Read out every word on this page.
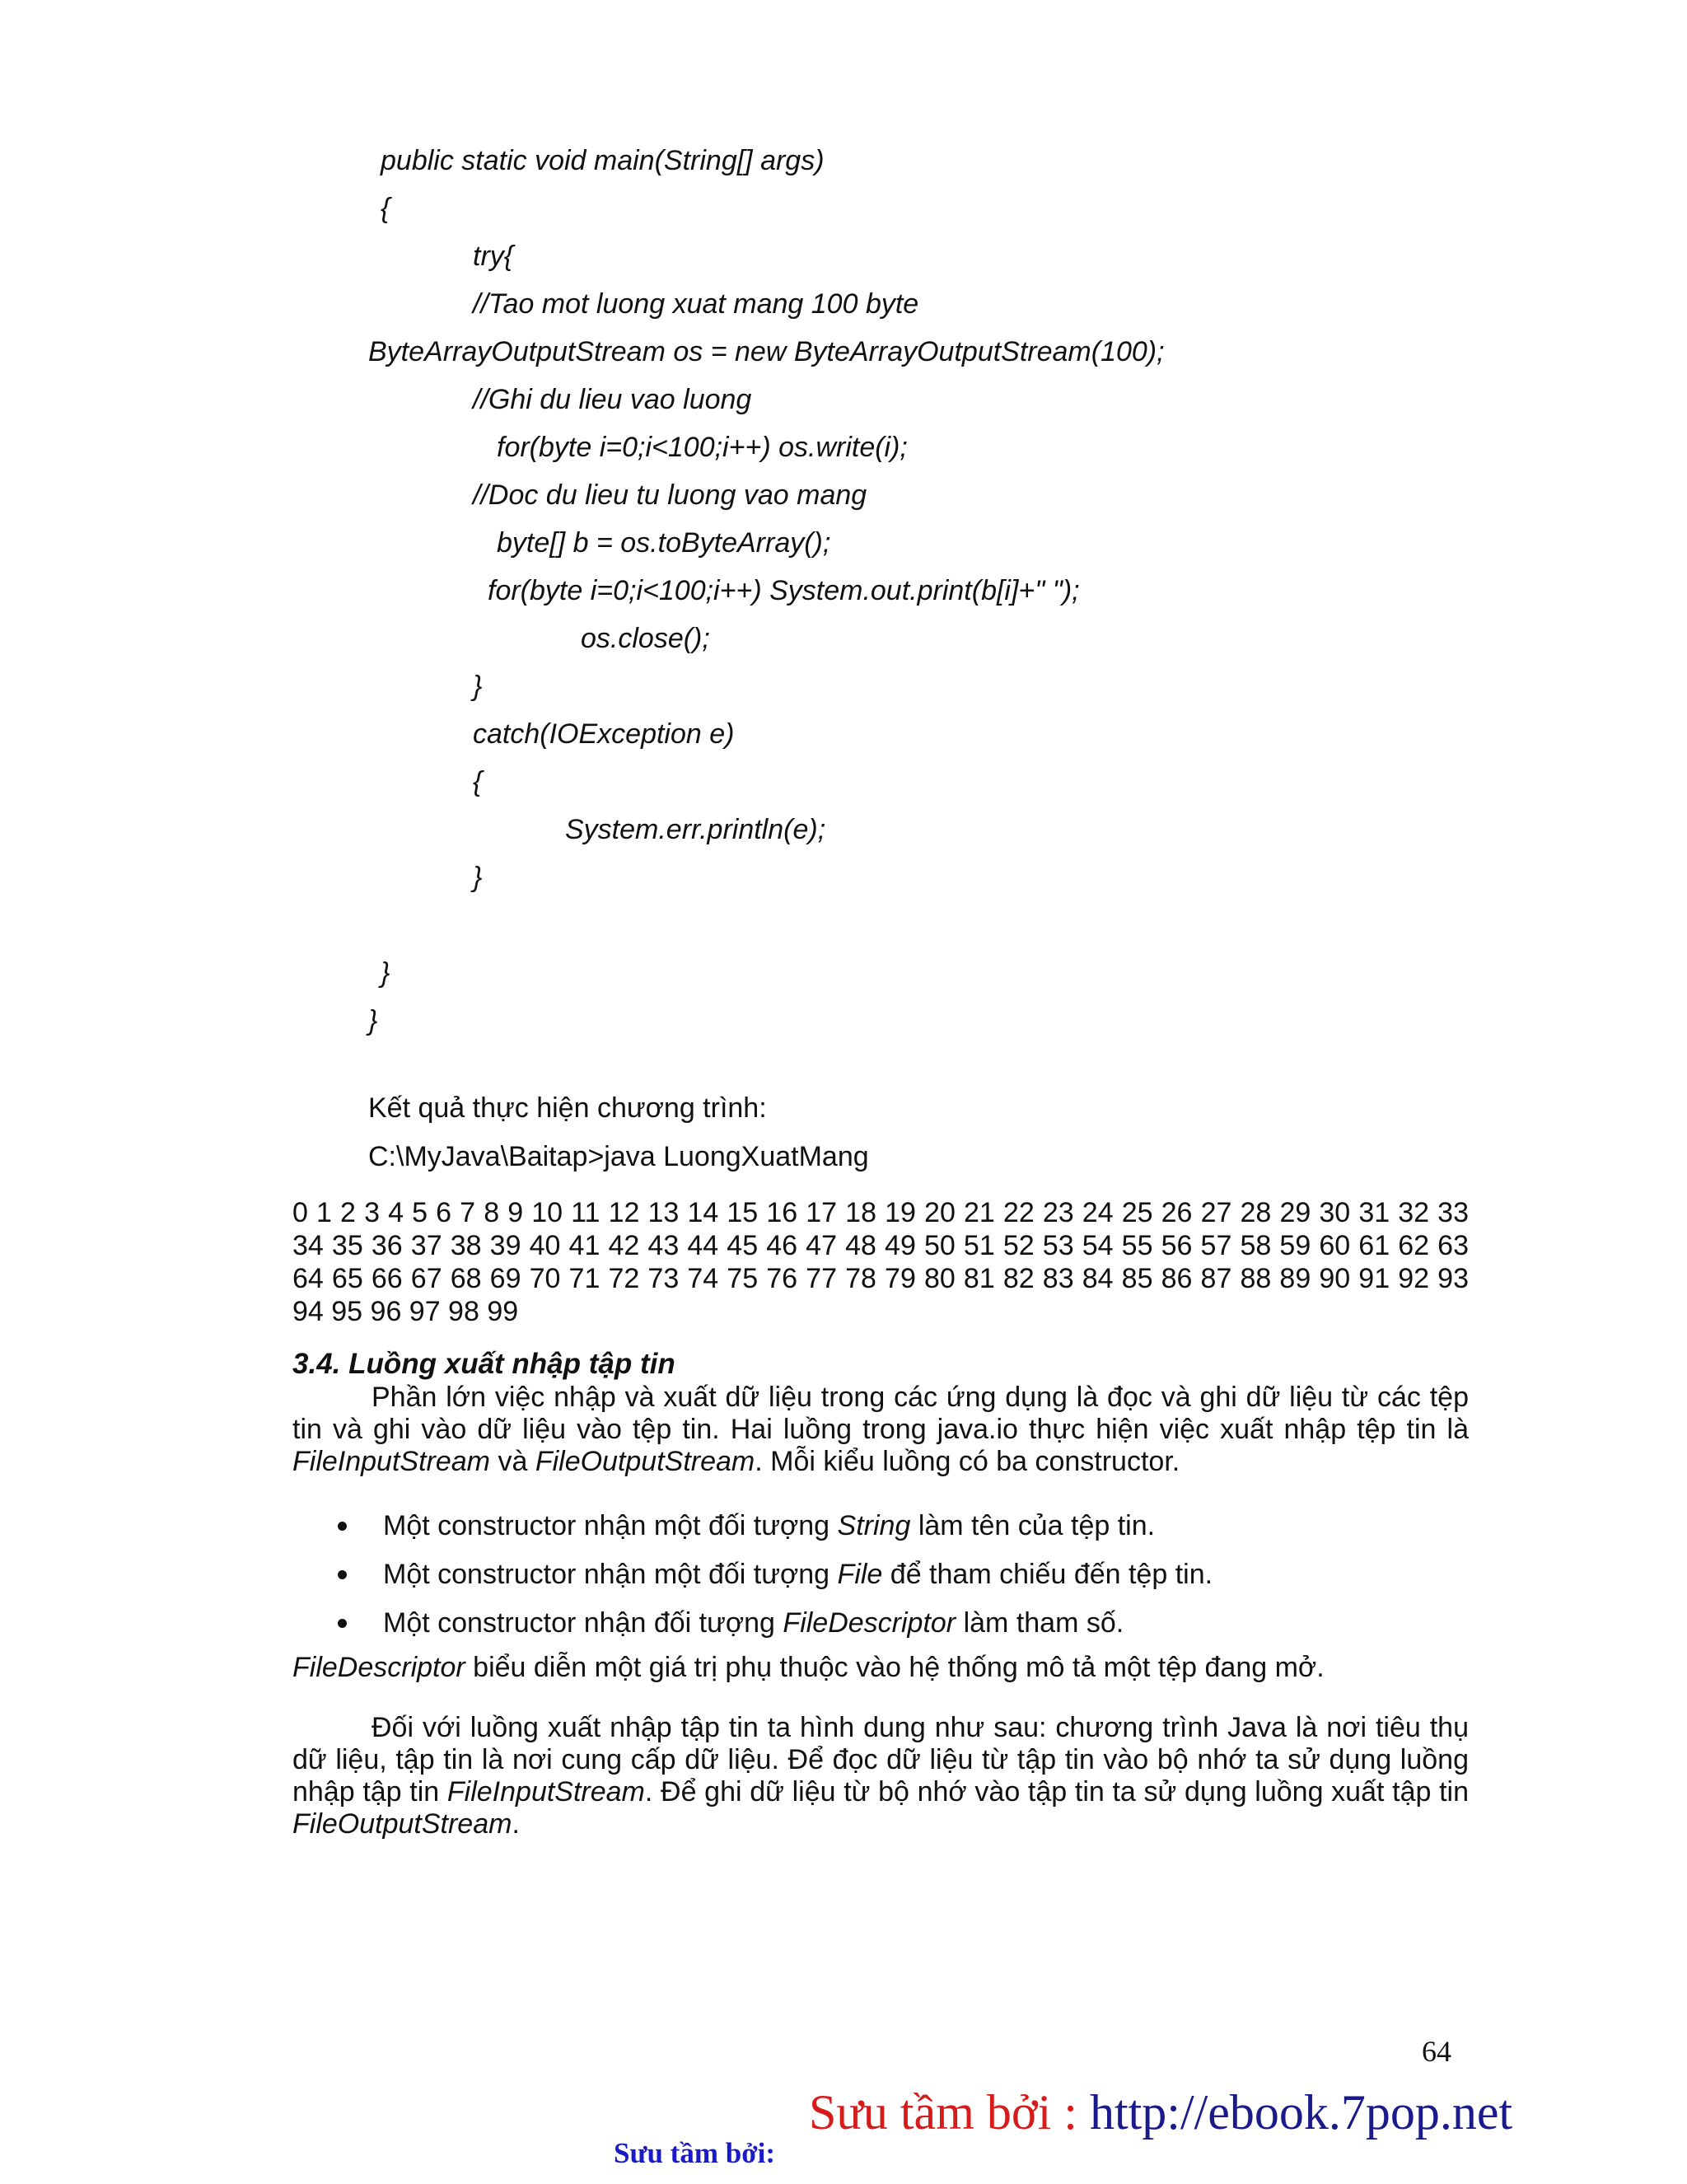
public static void main(String[] args)

{

try{

//Tao mot luong xuat mang 100 byte

ByteArrayOutputStream os = new ByteArrayOutputStream(100);

//Ghi du lieu vao luong

for(byte i=0;i<100;i++) os.write(i);

//Doc du lieu tu luong vao mang

byte[] b = os.toByteArray();

for(byte i=0;i<100;i++) System.out.print(b[i]+" ");

os.close();

}

catch(IOException e)

{

System.err.println(e);

}

}

}

Kết quả thực hiện chương trình:

C:\MyJava\Baitap>java LuongXuatMang

0 1 2 3 4 5 6 7 8 9 10 11 12 13 14 15 16 17 18 19 20 21 22 23 24 25 26 27 28 29 30 31 32 33 34 35 36 37 38 39 40 41 42 43 44 45 46 47 48 49 50 51 52 53 54 55 56 57 58 59 60 61 62 63 64 65 66 67 68 69 70 71 72 73 74 75 76 77 78 79 80 81 82 83 84 85 86 87 88 89 90 91 92 93 94 95 96 97 98 99

3.4. Luồng xuất nhập tập tin

Phần lớn việc nhập và xuất dữ liệu trong các ứng dụng là đọc và ghi dữ liệu từ các tệp tin và ghi vào dữ liệu vào tệp tin. Hai luồng trong java.io thực hiện việc xuất nhập tệp tin là FileInputStream và FileOutputStream. Mỗi kiểu luồng có ba constructor.

Một constructor nhận một đối tượng String làm tên của tệp tin.
Một constructor nhận một đối tượng File để tham chiếu đến tệp tin.
Một constructor nhận đối tượng FileDescriptor làm tham số.

FileDescriptor biểu diễn một giá trị phụ thuộc vào hệ thống mô tả một tệp đang mở.

Đối với luồng xuất nhập tập tin ta hình dung như sau: chương trình Java là nơi tiêu thụ dữ liệu, tập tin là nơi cung cấp dữ liệu. Để đọc dữ liệu từ tập tin vào bộ nhớ ta sử dụng luồng nhập tập tin FileInputStream. Để ghi dữ liệu từ bộ nhớ vào tập tin ta sử dụng luồng xuất tập tin FileOutputStream.

64

Sưu tầm bởi:

Sưu tầm bởi : http://ebook.7pop.net
